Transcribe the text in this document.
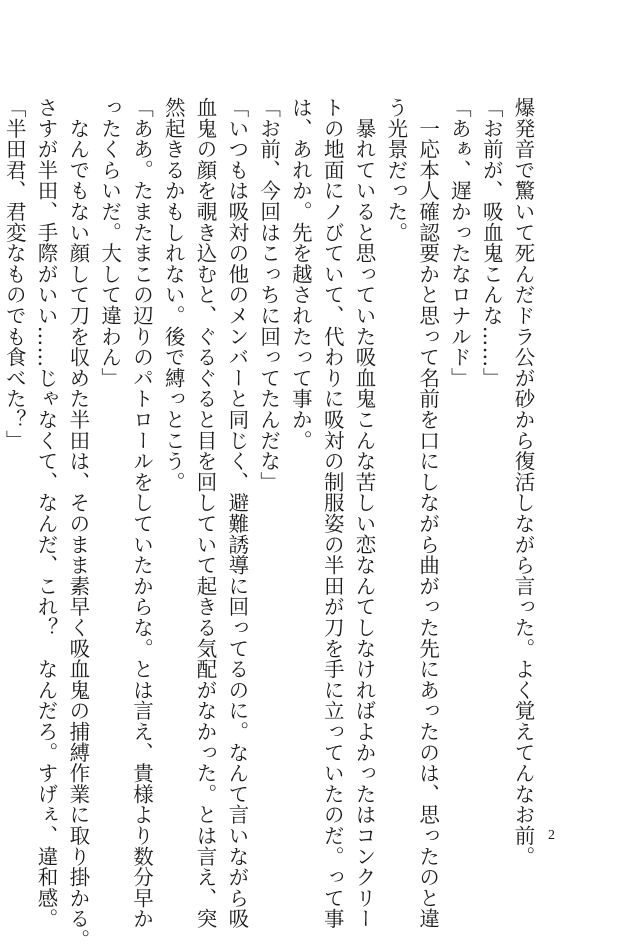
爆発音で驚いて死んだドラ公が砂から復活しながら言った。よく覚えてんなお前。
「お前が、吸血鬼こんな……」
「あぁ、遅かったなロナルド」
　一応本人確認要かと思って名前を口にしながら曲がった先にあったのは、思ったのと違
う光景だった。
　暴れていると思っていた吸血鬼こんな苦しい恋なんてしなければよかったはコンクリー
トの地面にノびていて、代わりに吸対の制服姿の半田が刀を手に立っていたのだ。って事
は、あれか。先を越されたって事か。
「お前、今回はこっちに回ってたんだな」
「いつもは吸対の他のメンバーと同じく、避難誘導に回ってるのに。なんて言いながら吸
血鬼の顔を覗き込むと、ぐるぐると目を回していて起きる気配がなかった。とは言え、突
然起きるかもしれない。後で縛っとこう。
「ああ。たまたまこの辺りのパトロールをしていたからな。とは言え、貴様より数分早か
ったくらいだ。大して違わん」
　なんでもない顔して刀を収めた半田は、そのまま素早く吸血鬼の捕縛作業に取り掛かる。
さすが半田、手際がいい……じゃなくて、なんだ、これ？　なんだろ。すげぇ、違和感。
「半田君、君変なものでも食べた？」
2
